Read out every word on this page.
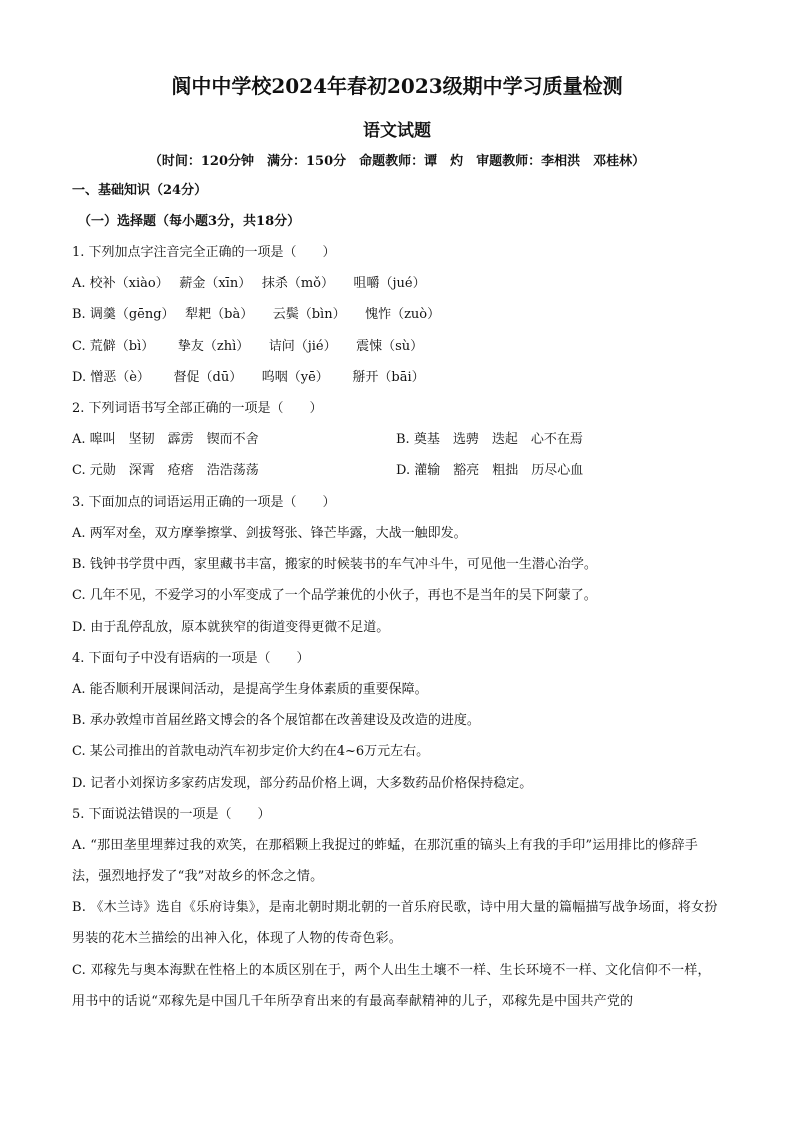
阆中中学校2024年春初2023级期中学习质量检测
语文试题
（时间：120分钟　满分：150分　命题教师：谭　灼　审题教师：李相洪　邓桂林）
一、基础知识（24分）
（一）选择题（每小题3分，共18分）
1. 下列加点字注音完全正确的一项是（　　）
A. 校补（xiào）　 薪金（xīn）　 抹杀（mǒ）　　咀嚼（jué）
B. 调羹（gēng）　 犁耙（bà）　　云鬓（bìn）　　愧怍（zuò）
C. 荒僻（bì）　　 挚友（zhì）　　诘问（jié）　　震悚（sù）
D. 憎恶（è）　　 督促（dū）　　呜咽（yē）　　 掰开（bāi）
2. 下列词语书写全部正确的一项是（　　）
A. 嗥叫　坚韧　霹雳　锲而不舍	B. 奠基　选骋　迭起　心不在焉
C. 元勋　深霄　疮瘩　浩浩荡荡	D. 灌输　豁亮　粗拙　历尽心血
3. 下面加点的词语运用正确的一项是（　　）
A. 两军对垒，双方摩拳擦掌、剑拔弩张、锋芒毕露，大战一触即发。
B. 钱钟书学贯中西，家里藏书丰富，搬家的时候装书的车气冲斗牛，可见他一生潜心治学。
C. 几年不见，不爱学习的小军变成了一个品学兼优的小伙子，再也不是当年的吴下阿蒙了。
D. 由于乱停乱放，原本就狭窄的街道变得更微不足道。
4. 下面句子中没有语病的一项是（　　）
A. 能否顺利开展课间活动，是提高学生身体素质的重要保障。
B. 承办敦煌市首届丝路文博会的各个展馆都在改善建设及改造的进度。
C. 某公司推出的首款电动汽车初步定价大约在4~6万元左右。
D. 记者小刘探访多家药店发现，部分药品价格上调，大多数药品价格保持稳定。
5. 下面说法错误的一项是（　　）
A. “那田垄里埋葬过我的欢笑，在那稻颗上我捉过的蚱蜢，在那沉重的镐头上有我的手印”运用排比的修辞手法，强烈地抒发了“我”对故乡的怀念之情。
B. 《木兰诗》选自《乐府诗集》，是南北朝时期北朝的一首乐府民歌，诗中用大量的篇幅描写战争场面，将女扮男装的花木兰描绘的出神入化，体现了人物的传奇色彩。
C. 邓稼先与奥本海默在性格上的本质区别在于，两个人出生土壤不一样、生长环境不一样、文化信仰不一样，用书中的话说“邓稼先是中国几千年所孕育出来的有最高奉献精神的儿子，邓稼先是中国共产党的
